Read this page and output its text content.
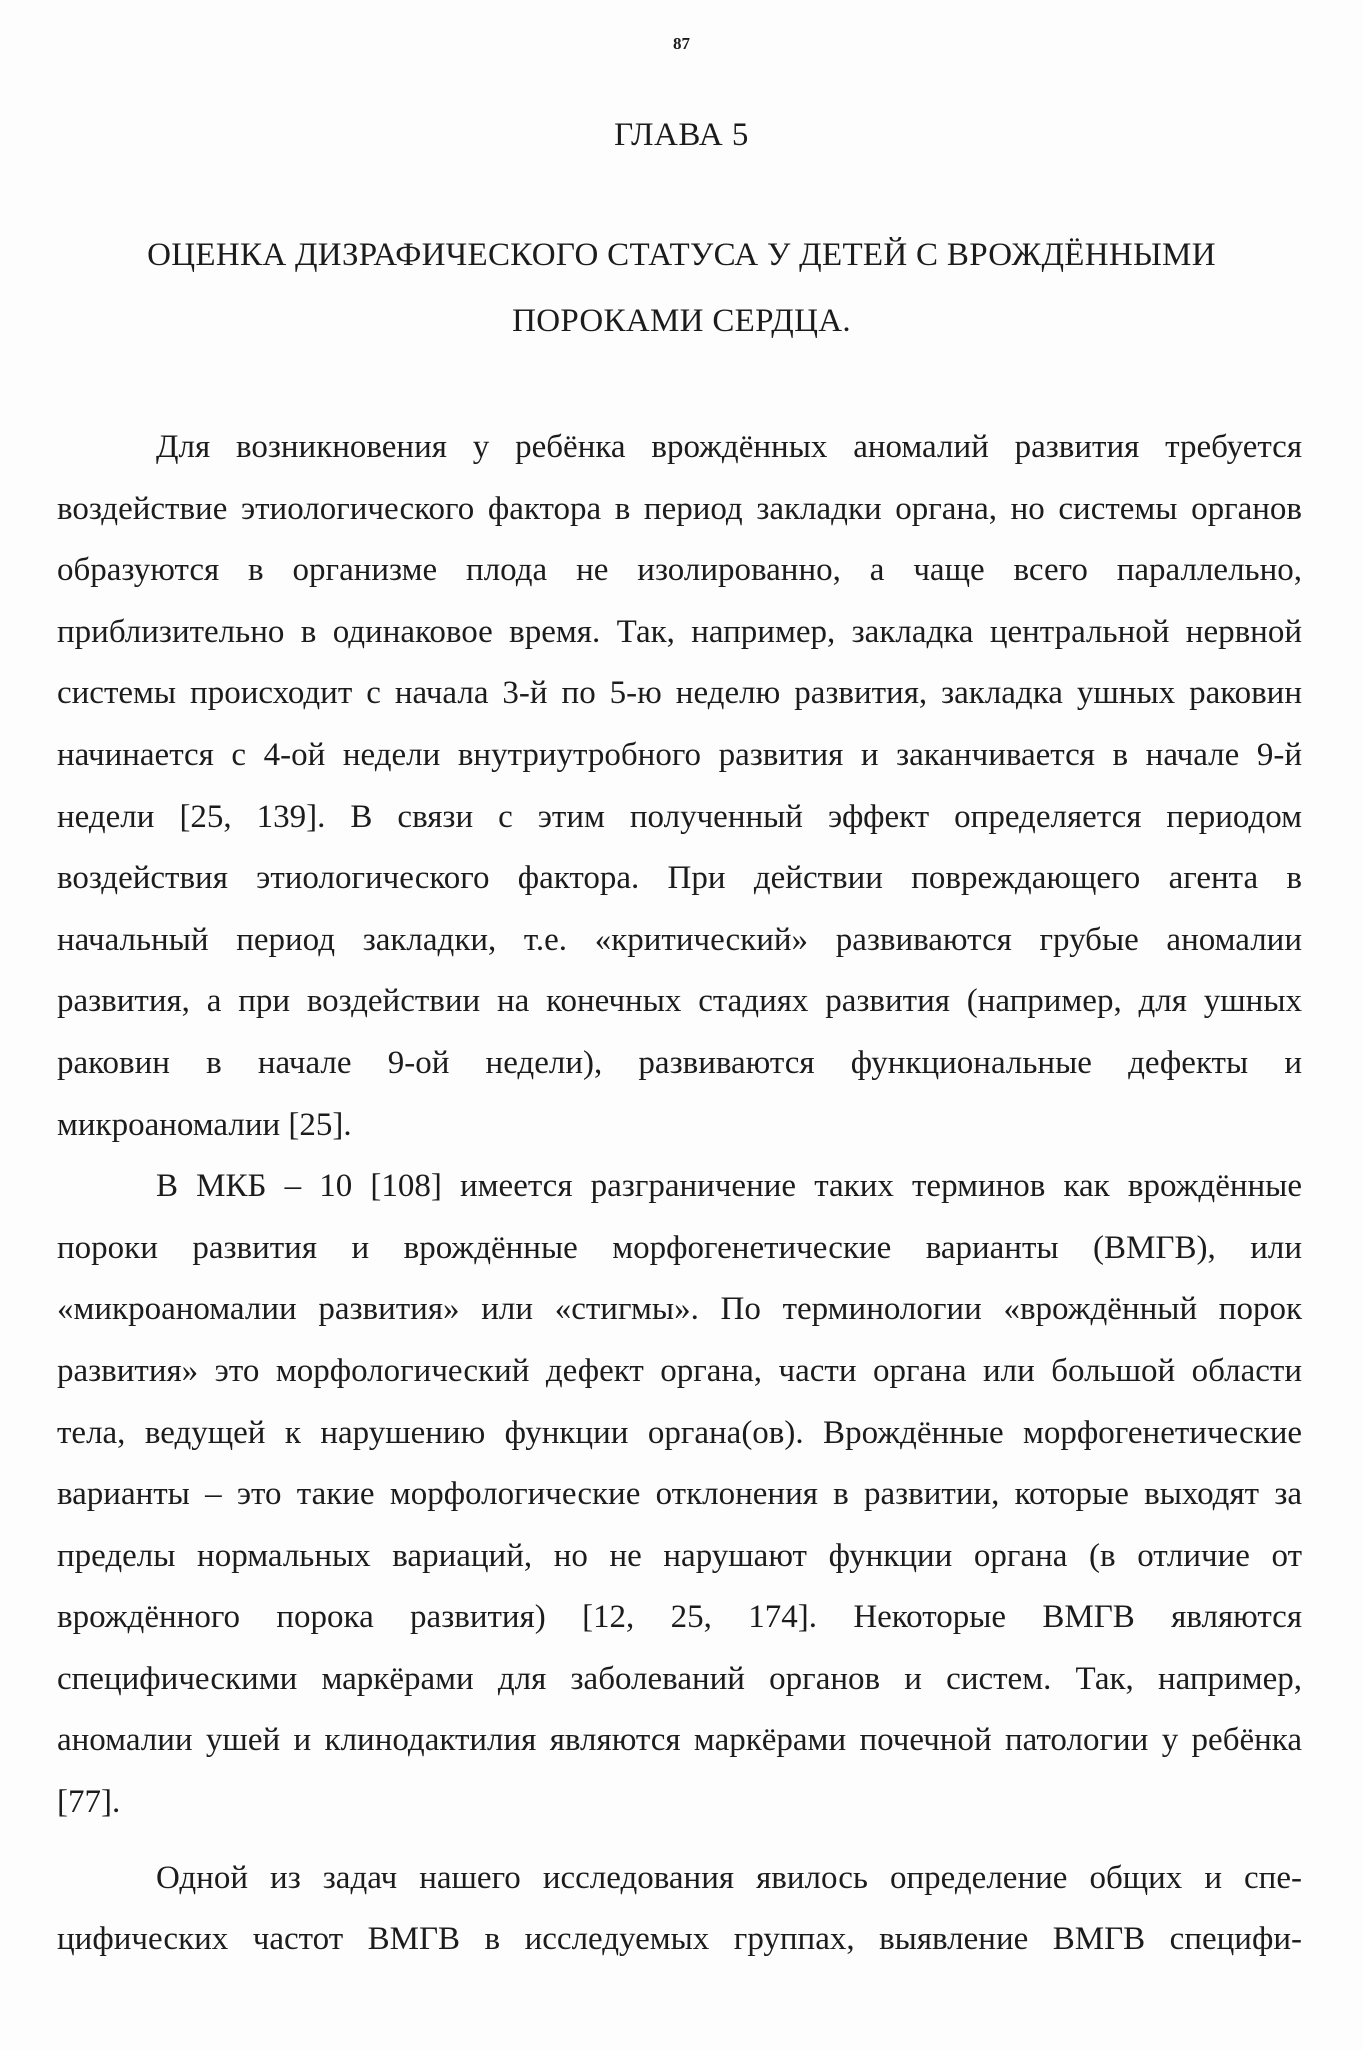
87
ГЛАВА 5
ОЦЕНКА ДИЗРАФИЧЕСКОГО СТАТУСА У ДЕТЕЙ С ВРОЖДЁННЫМИ
ПОРОКАМИ СЕРДЦА.

Для возникновения у ребёнка врождённых аномалий развития требуется воздействие этиологического фактора в период закладки органа, но системы органов образуются в организме плода не изолированно, а чаще всего параллельно, приблизительно в одинаковое время. Так, например, закладка центральной нервной системы происходит с начала 3-й по 5-ю неделю развития, закладка ушных раковин начинается с 4-ой недели внутриутробного развития и заканчивается в начале 9-й недели [25, 139]. В связи с этим полученный эффект определяется периодом воздействия этиологического фактора. При действии повреждающего агента в начальный период закладки, т.е. «критический» развиваются грубые аномалии развития, а при воздействии на конечных стадиях развития (например, для ушных раковин в начале 9-ой недели), развиваются функциональные дефекты и микроаномалии [25].

В МКБ – 10 [108] имеется разграничение таких терминов как врождённые пороки развития и врождённые морфогенетические варианты (ВМГВ), или «микроаномалии развития» или «стигмы». По терминологии «врождённый порок развития» это морфологический дефект органа, части органа или большой области тела, ведущей к нарушению функции органа(ов). Врождённые морфогенетические варианты – это такие морфологические отклонения в развитии, которые выходят за пределы нормальных вариаций, но не нарушают функции органа (в отличие от врождённого порока развития) [12, 25, 174]. Некоторые ВМГВ являются специфическими маркёрами для заболеваний органов и систем. Так, например, аномалии ушей и клинодактилия являются маркёрами почечной патологии у ребёнка [77].

Одной из задач нашего исследования явилось определение общих и специфических частот ВМГВ в исследуемых группах, выявление ВМГВ специфи-
